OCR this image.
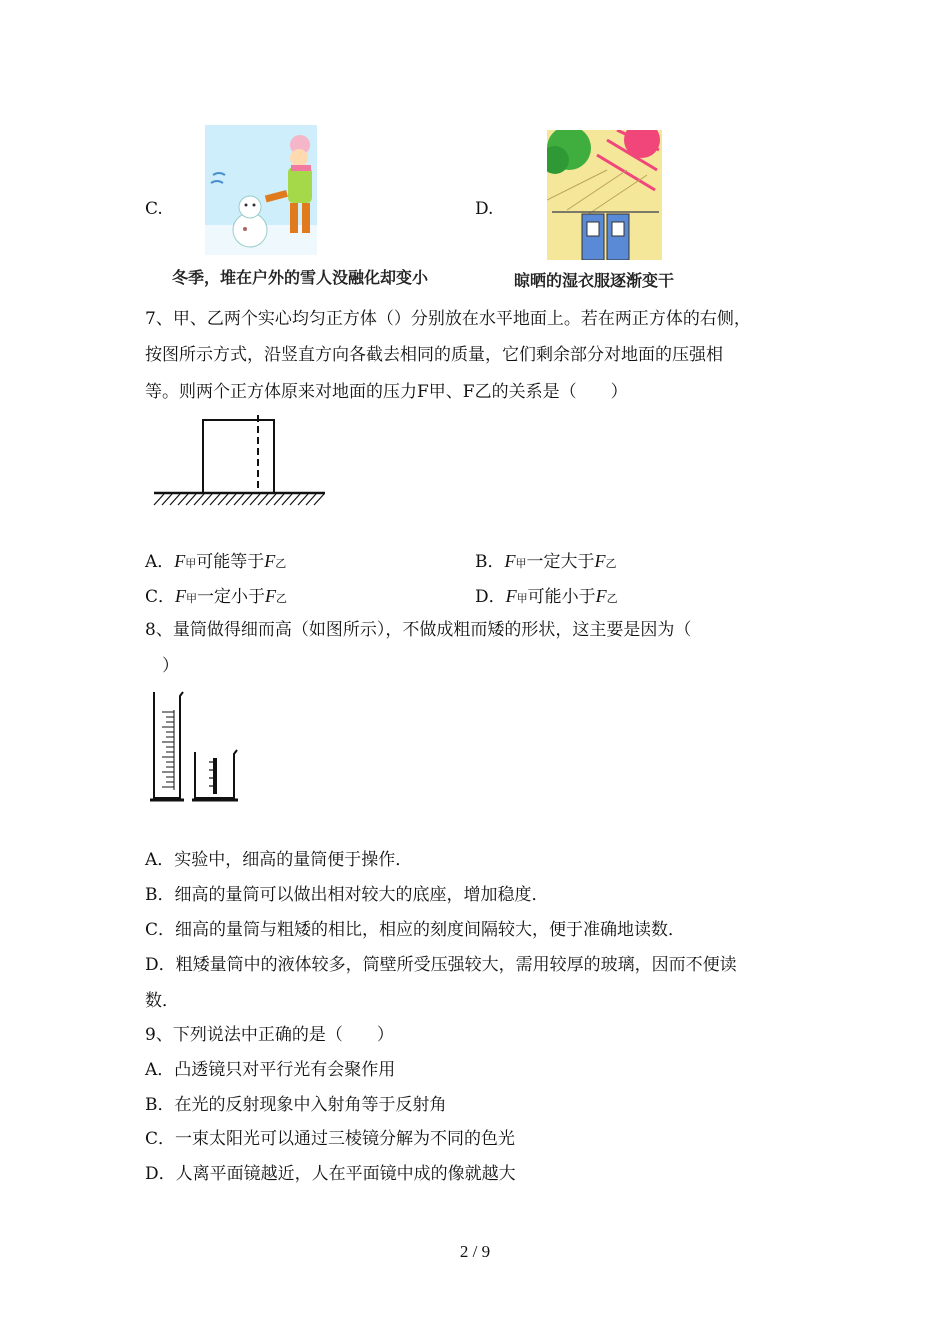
C.
冬季，堆在户外的雪人没融化却变小
D.
晾晒的湿衣服逐渐变干
7、甲、乙两个实心均匀正方体（）分别放在水平地面上。若在两正方体的右侧，
按图所示方式，沿竖直方向各截去相同的质量，它们剩余部分对地面的压强相
等。则两个正方体原来对地面的压力F甲、F乙的关系是（　　）
A．F甲可能等于F乙	B．F甲一定大于F乙
C．F甲一定小于F乙	D．F甲可能小于F乙
8、量筒做得细而高（如图所示），不做成粗而矮的形状，这主要是因为（
　）
A．实验中，细高的量筒便于操作．
B．细高的量筒可以做出相对较大的底座，增加稳度．
C．细高的量筒与粗矮的相比，相应的刻度间隔较大，便于准确地读数．
D．粗矮量筒中的液体较多，筒壁所受压强较大，需用较厚的玻璃，因而不便读
数．
9、下列说法中正确的是（　　）
A．凸透镜只对平行光有会聚作用
B．在光的反射现象中入射角等于反射角
C．一束太阳光可以通过三棱镜分解为不同的色光
D．人离平面镜越近，人在平面镜中成的像就越大
2 / 9
